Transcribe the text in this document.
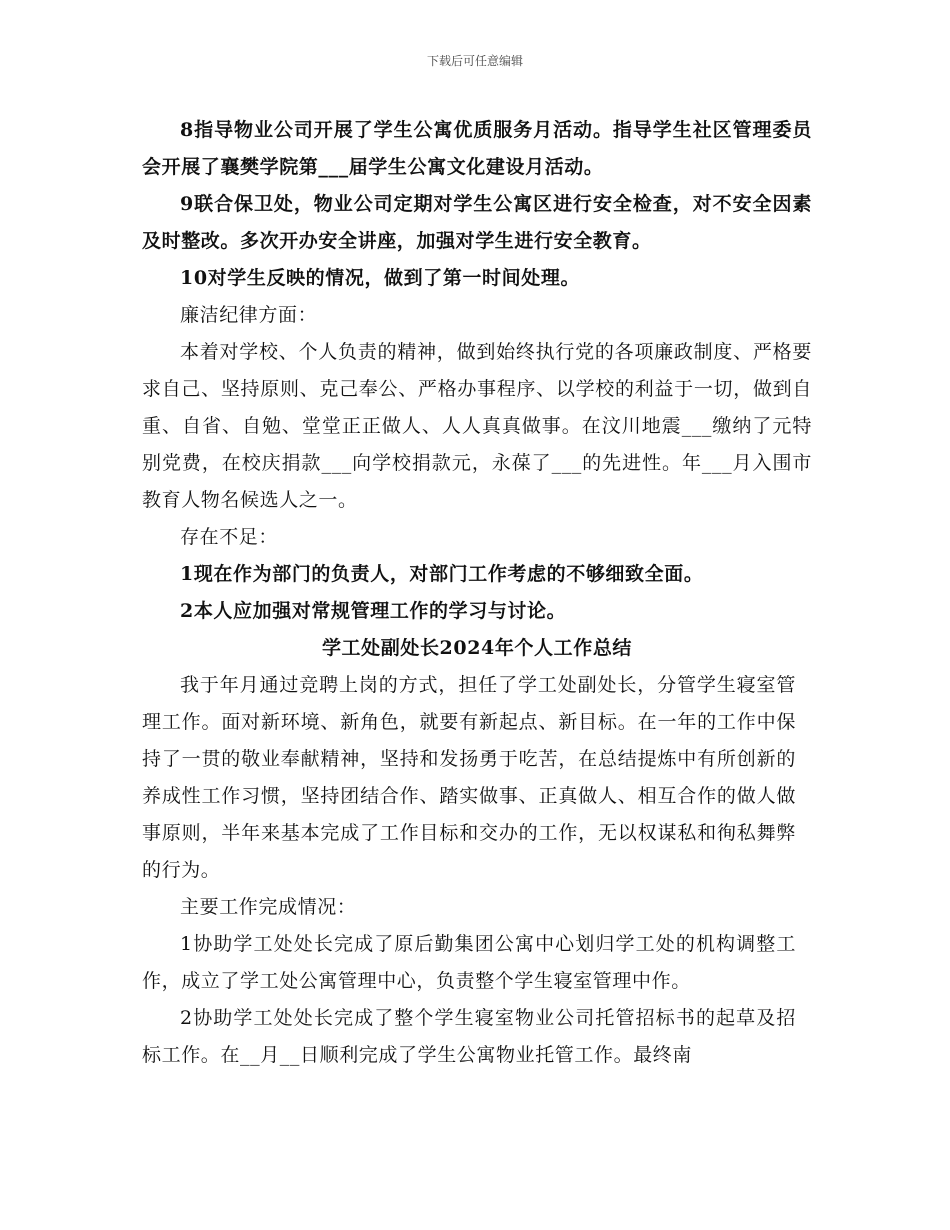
下载后可任意编辑

8指导物业公司开展了学生公寓优质服务月活动。指导学生社区管理委员会开展了襄樊学院第___届学生公寓文化建设月活动。

9联合保卫处，物业公司定期对学生公寓区进行安全检查，对不安全因素及时整改。多次开办安全讲座，加强对学生进行安全教育。

10对学生反映的情况，做到了第一时间处理。

廉洁纪律方面：

本着对学校、个人负责的精神，做到始终执行党的各项廉政制度、严格要求自己、坚持原则、克己奉公、严格办事程序、以学校的利益于一切，做到自重、自省、自勉、堂堂正正做人、人人真真做事。在汶川地震___缴纳了元特别党费，在校庆捐款___向学校捐款元，永葆了___的先进性。年___月入围市教育人物名候选人之一。

存在不足：

1现在作为部门的负责人，对部门工作考虑的不够细致全面。

2本人应加强对常规管理工作的学习与讨论。

学工处副处长2024年个人工作总结

我于年月通过竞聘上岗的方式，担任了学工处副处长，分管学生寝室管理工作。面对新环境、新角色，就要有新起点、新目标。在一年的工作中保持了一贯的敬业奉献精神，坚持和发扬勇于吃苦，在总结提炼中有所创新的养成性工作习惯，坚持团结合作、踏实做事、正真做人、相互合作的做人做事原则，半年来基本完成了工作目标和交办的工作，无以权谋私和徇私舞弊的行为。

主要工作完成情况：

1协助学工处处长完成了原后勤集团公寓中心划归学工处的机构调整工作，成立了学工处公寓管理中心，负责整个学生寝室管理中作。

2协助学工处处长完成了整个学生寝室物业公司托管招标书的起草及招标工作。在__月__日顺利完成了学生公寓物业托管工作。最终南
